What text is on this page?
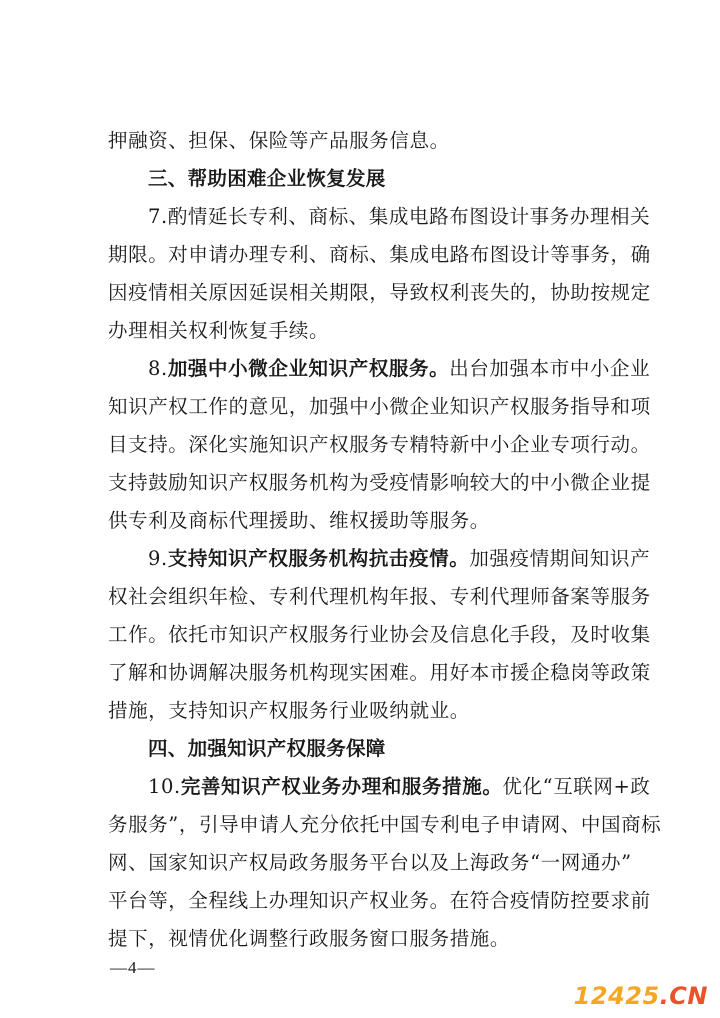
押融资、担保、保险等产品服务信息。
三、帮助困难企业恢复发展
7.酌情延长专利、商标、集成电路布图设计事务办理相关
期限。对申请办理专利、商标、集成电路布图设计等事务，确
因疫情相关原因延误相关期限，导致权利丧失的，协助按规定
办理相关权利恢复手续。
8.加强中小微企业知识产权服务。出台加强本市中小企业
知识产权工作的意见，加强中小微企业知识产权服务指导和项
目支持。深化实施知识产权服务专精特新中小企业专项行动。
支持鼓励知识产权服务机构为受疫情影响较大的中小微企业提
供专利及商标代理援助、维权援助等服务。
9.支持知识产权服务机构抗击疫情。加强疫情期间知识产
权社会组织年检、专利代理机构年报、专利代理师备案等服务
工作。依托市知识产权服务行业协会及信息化手段，及时收集
了解和协调解决服务机构现实困难。用好本市援企稳岗等政策
措施，支持知识产权服务行业吸纳就业。
四、加强知识产权服务保障
10.完善知识产权业务办理和服务措施。优化“互联网+政
务服务”，引导申请人充分依托中国专利电子申请网、中国商标
网、国家知识产权局政务服务平台以及上海政务“一网通办”
平台等，全程线上办理知识产权业务。在符合疫情防控要求前
提下，视情优化调整行政服务窗口服务措施。
—4—
12425.CN
